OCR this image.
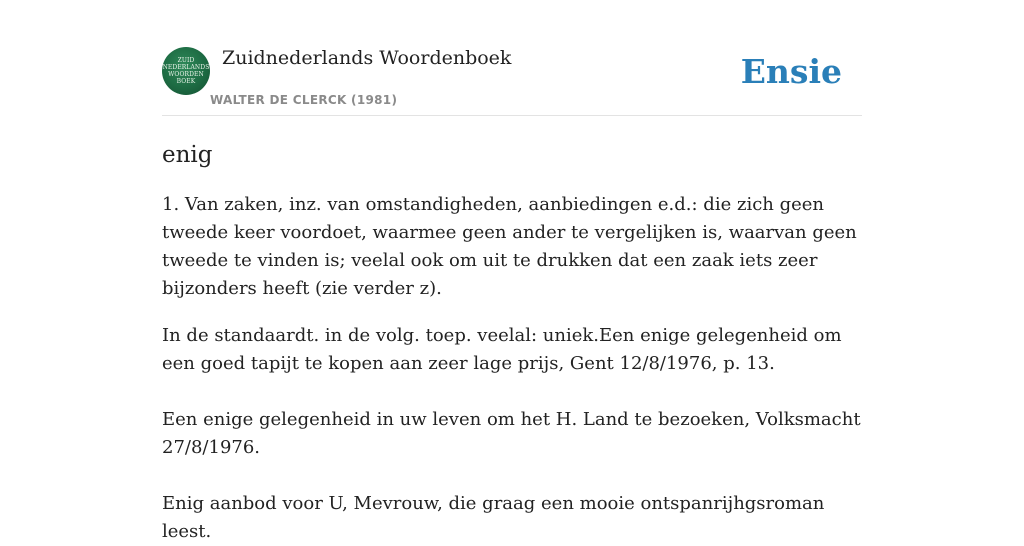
ZUID
NEDERLANDS
WOORDEN
BOEK
Zuidnederlands Woordenboek
WALTER DE CLERCK (1981)
Ensie
enig

1. Van zaken, inz. van omstandigheden, aanbiedingen e.d.: die zich geen tweede keer voordoet, waarmee geen ander te vergelijken is, waarvan geen tweede te vinden is; veelal ook om uit te drukken dat een zaak iets zeer bijzonders heeft (zie verder z).

In de standaardt. in de volg. toep. veelal: uniek.Een enige gelegenheid om een goed tapijt te kopen aan zeer lage prijs, Gent 12/8/1976, p. 13.

Een enige gelegenheid in uw leven om het H. Land te bezoeken, Volksmacht 27/8/1976.

Enig aanbod voor U, Mevrouw, die graag een mooie ontspanrijhgsroman leest.
